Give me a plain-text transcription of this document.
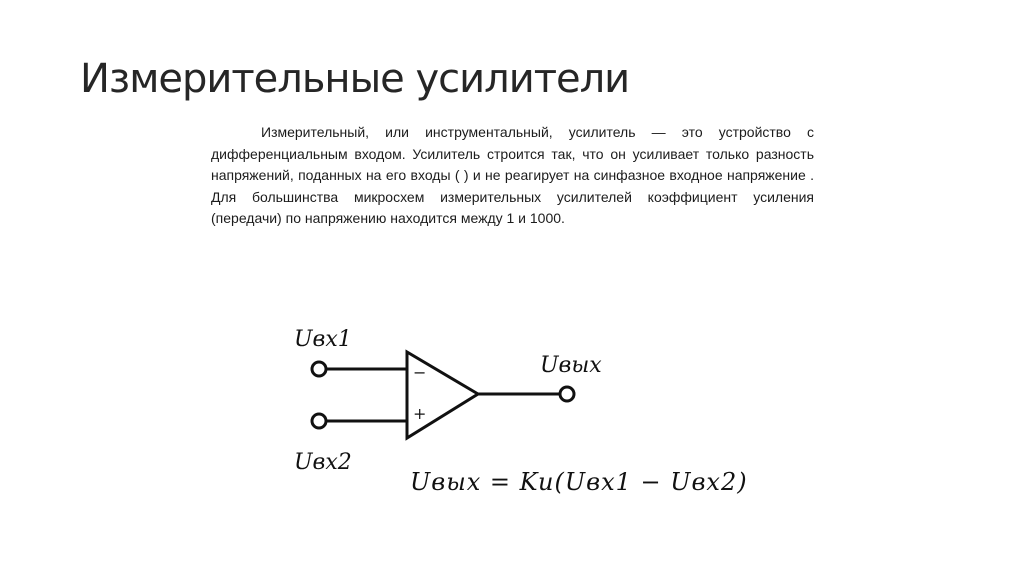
Измерительные усилители

Измерительный, или инструментальный, усилитель — это устройство с дифференциальным входом. Усилитель строится так, что он усиливает только разность напряжений, поданных на его входы ( ) и не реагирует на синфазное входное напряжение . Для большинства микросхем измерительных усилителей коэффициент усиления (передачи) по напряжению находится между 1 и 1000.

−
+
Uвх1
Uвх2
Uвых
Uвых = Ku(Uвх1 − Uвх2)
